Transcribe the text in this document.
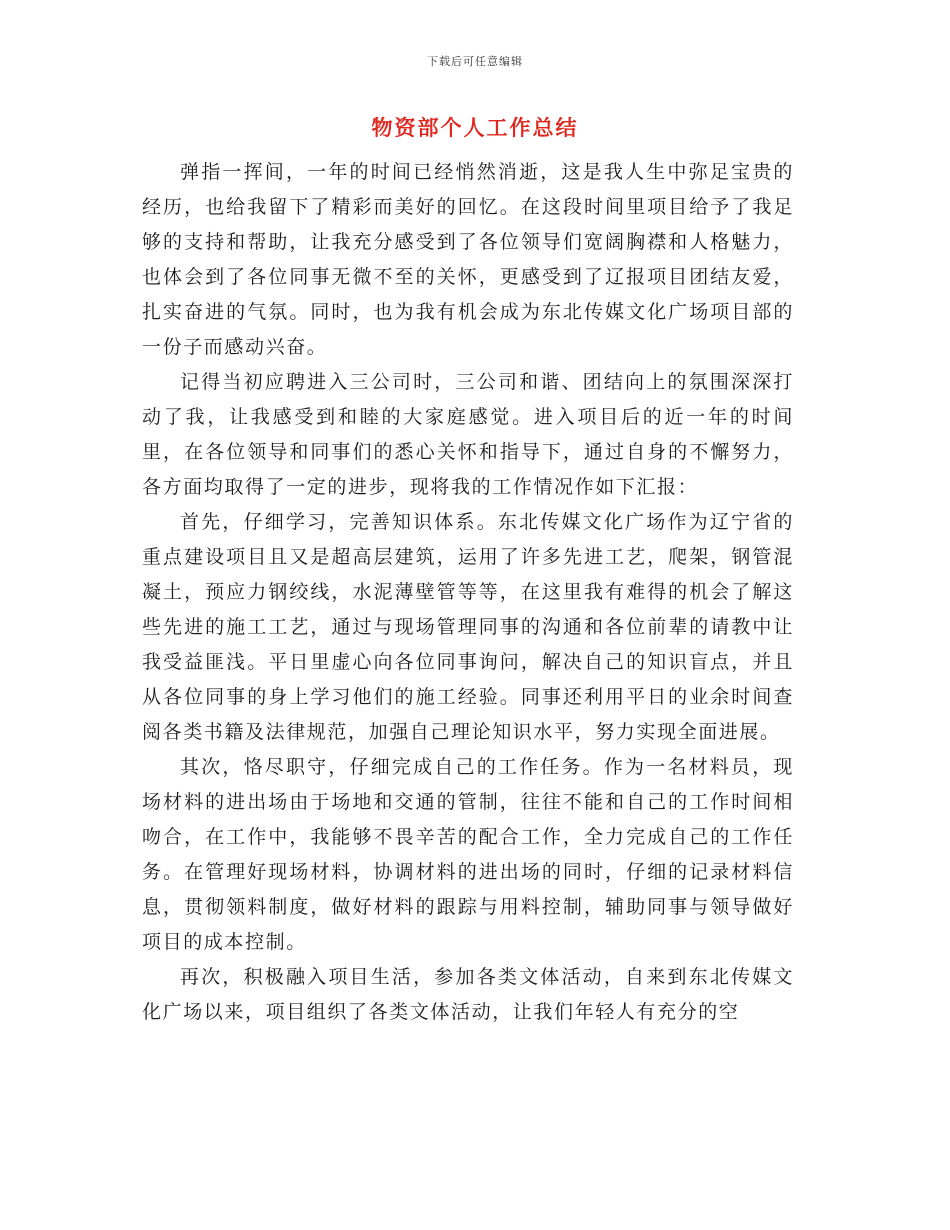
下载后可任意编辑
物资部个人工作总结

弹指一挥间，一年的时间已经悄然消逝，这是我人生中弥足宝贵的经历，也给我留下了精彩而美好的回忆。在这段时间里项目给予了我足够的支持和帮助，让我充分感受到了各位领导们宽阔胸襟和人格魅力，也体会到了各位同事无微不至的关怀，更感受到了辽报项目团结友爱，扎实奋进的气氛。同时，也为我有机会成为东北传媒文化广场项目部的一份子而感动兴奋。

记得当初应聘进入三公司时，三公司和谐、团结向上的氛围深深打动了我，让我感受到和睦的大家庭感觉。进入项目后的近一年的时间里，在各位领导和同事们的悉心关怀和指导下，通过自身的不懈努力，各方面均取得了一定的进步，现将我的工作情况作如下汇报：

首先，仔细学习，完善知识体系。东北传媒文化广场作为辽宁省的重点建设项目且又是超高层建筑，运用了许多先进工艺，爬架，钢管混凝土，预应力钢绞线，水泥薄壁管等等，在这里我有难得的机会了解这些先进的施工工艺，通过与现场管理同事的沟通和各位前辈的请教中让我受益匪浅。平日里虚心向各位同事询问，解决自己的知识盲点，并且从各位同事的身上学习他们的施工经验。同事还利用平日的业余时间查阅各类书籍及法律规范，加强自己理论知识水平，努力实现全面进展。

其次，恪尽职守，仔细完成自己的工作任务。作为一名材料员，现场材料的进出场由于场地和交通的管制，往往不能和自己的工作时间相吻合，在工作中，我能够不畏辛苦的配合工作，全力完成自己的工作任务。在管理好现场材料，协调材料的进出场的同时，仔细的记录材料信息，贯彻领料制度，做好材料的跟踪与用料控制，辅助同事与领导做好项目的成本控制。

再次，积极融入项目生活，参加各类文体活动，自来到东北传媒文化广场以来，项目组织了各类文体活动，让我们年轻人有充分的空
